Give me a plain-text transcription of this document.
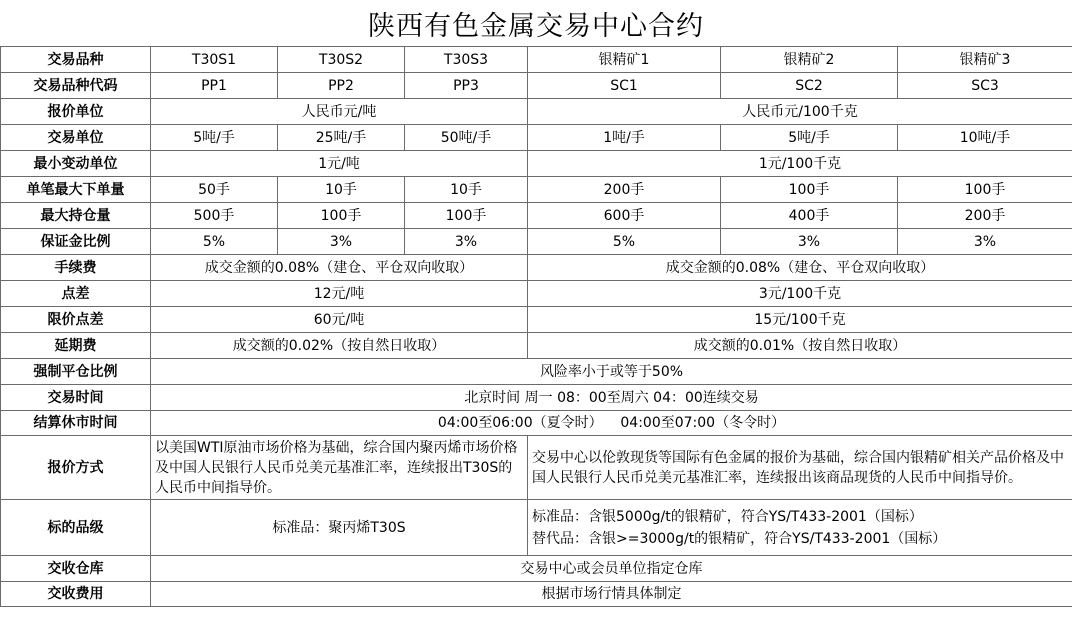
陕西有色金属交易中心合约
交易品种	T30S1	T30S2	T30S3	银精矿1	银精矿2	银精矿3
交易品种代码	PP1	PP2	PP3	SC1	SC2	SC3
报价单位	人民币元/吨			人民币元/100千克		
交易单位	5吨/手	25吨/手	50吨/手	1吨/手	5吨/手	10吨/手
最小变动单位	1元/吨			1元/100千克		
单笔最大下单量	50手	10手	10手	200手	100手	100手
最大持仓量	500手	100手	100手	600手	400手	200手
保证金比例	5%	3%	3%	5%	3%	3%
手续费	成交金额的0.08%（建仓、平仓双向收取）			成交金额的0.08%（建仓、平仓双向收取）		
点差	12元/吨			3元/100千克		
限价点差	60元/吨			15元/100千克		
延期费	成交额的0.02%（按自然日收取）			成交额的0.01%（按自然日收取）		
强制平仓比例	风险率小于或等于50%					
交易时间	北京时间 周一 08：00至周六 04：00连续交易					
结算休市时间	04:00至06:00（夏令时）    04:00至07:00（冬令时）					
报价方式	以美国WTI原油市场价格为基础，综合国内聚丙烯市场价格及中国人民银行人民币兑美元基准汇率，连续报出T30S的人民币中间指导价。			交易中心以伦敦现货等国际有色金属的报价为基础，综合国内银精矿相关产品价格及中国人民银行人民币兑美元基准汇率，连续报出该商品现货的人民币中间指导价。		
标的品级	标准品：聚丙烯T30S			标准品：含银5000g/t的银精矿，符合YS/T433-2001（国标）
替代品：含银>=3000g/t的银精矿，符合YS/T433-2001（国标）		

交收仓库	交易中心或会员单位指定仓库					
交收费用	根据市场行情具体制定					
